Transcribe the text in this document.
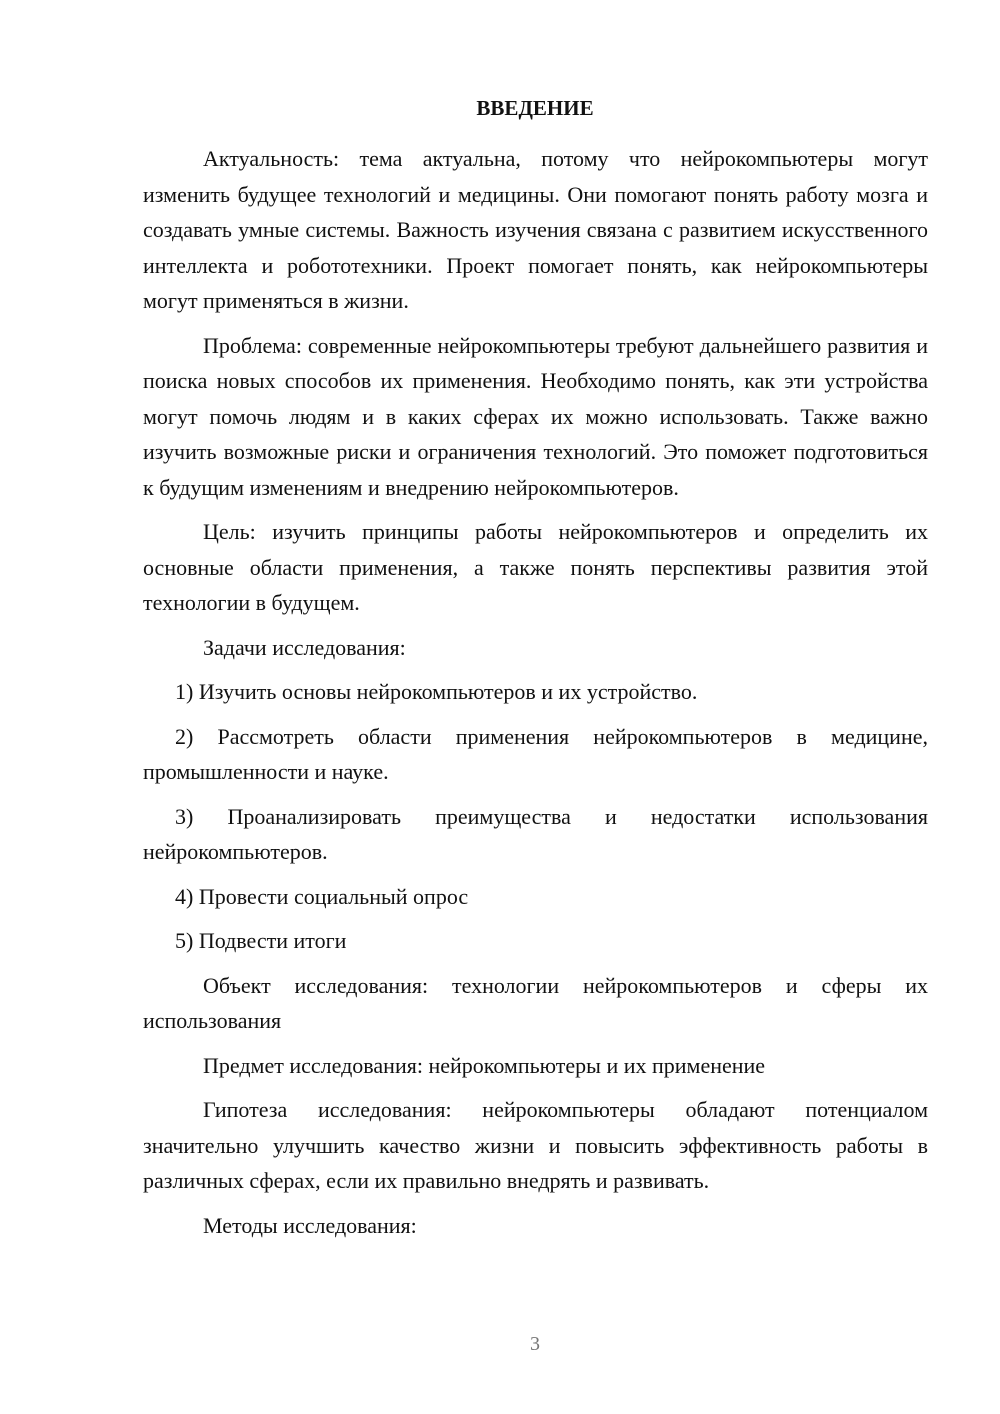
ВВЕДЕНИЕ

Актуальность: тема актуальна, потому что нейрокомпьютеры могут изменить будущее технологий и медицины. Они помогают понять работу мозга и создавать умные системы. Важность изучения связана с развитием искусственного интеллекта и робототехники. Проект помогает понять, как нейрокомпьютеры могут применяться в жизни.

Проблема: современные нейрокомпьютеры требуют дальнейшего развития и поиска новых способов их применения. Необходимо понять, как эти устройства могут помочь людям и в каких сферах их можно использовать. Также важно изучить возможные риски и ограничения технологий. Это поможет подготовиться к будущим изменениям и внедрению нейрокомпьютеров.

Цель: изучить принципы работы нейрокомпьютеров и определить их основные области применения, а также понять перспективы развития этой технологии в будущем.

Задачи исследования:

1) Изучить основы нейрокомпьютеров и их устройство.

2) Рассмотреть области применения нейрокомпьютеров в медицине, промышленности и науке.

3) Проанализировать преимущества и недостатки использования нейрокомпьютеров.

4) Провести социальный опрос

5) Подвести итоги

Объект исследования: технологии нейрокомпьютеров и сферы их использования

Предмет исследования: нейрокомпьютеры и их применение

Гипотеза исследования: нейрокомпьютеры обладают потенциалом значительно улучшить качество жизни и повысить эффективность работы в различных сферах, если их правильно внедрять и развивать.

Методы исследования:

3
